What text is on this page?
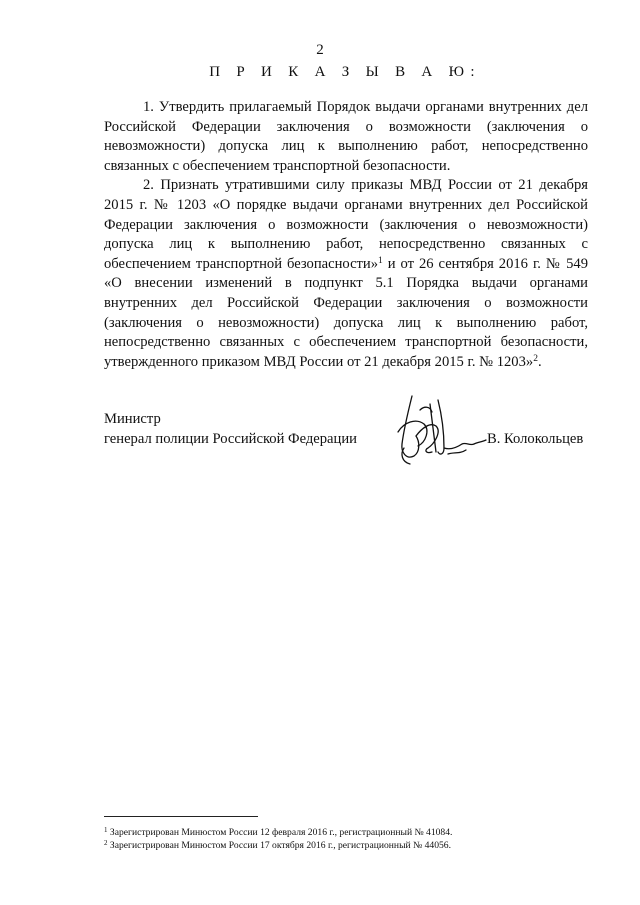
2
П Р И К А З Ы В А Ю:

1. Утвердить прилагаемый Порядок выдачи органами внутренних дел Российской Федерации заключения о возможности (заключения о невозможности) допуска лиц к выполнению работ, непосредственно связанных с обеспечением транспортной безопасности.

2. Признать утратившими силу приказы МВД России от 21 декабря 2015 г. № 1203 «О порядке выдачи органами внутренних дел Российской Федерации заключения о возможности (заключения о невозможности) допуска лиц к выполнению работ, непосредственно связанных с обеспечением транспортной безопасности»$^1$ и от 26 сентября 2016 г. № 549 «О внесении изменений в подпункт 5.1 Порядка выдачи органами внутренних дел Российской Федерации заключения о возможности (заключения о невозможности) допуска лиц к выполнению работ, непосредственно связанных с обеспечением транспортной безопасности, утвержденного приказом МВД России от 21 декабря 2015 г. № 1203»$^2$.

Министр
генерал полиции Российской Федерации	В. Колокольцев
$^1$ Зарегистрирован Минюстом России 12 февраля 2016 г., регистрационный № 41084.
$^2$ Зарегистрирован Минюстом России 17 октября 2016 г., регистрационный № 44056.
